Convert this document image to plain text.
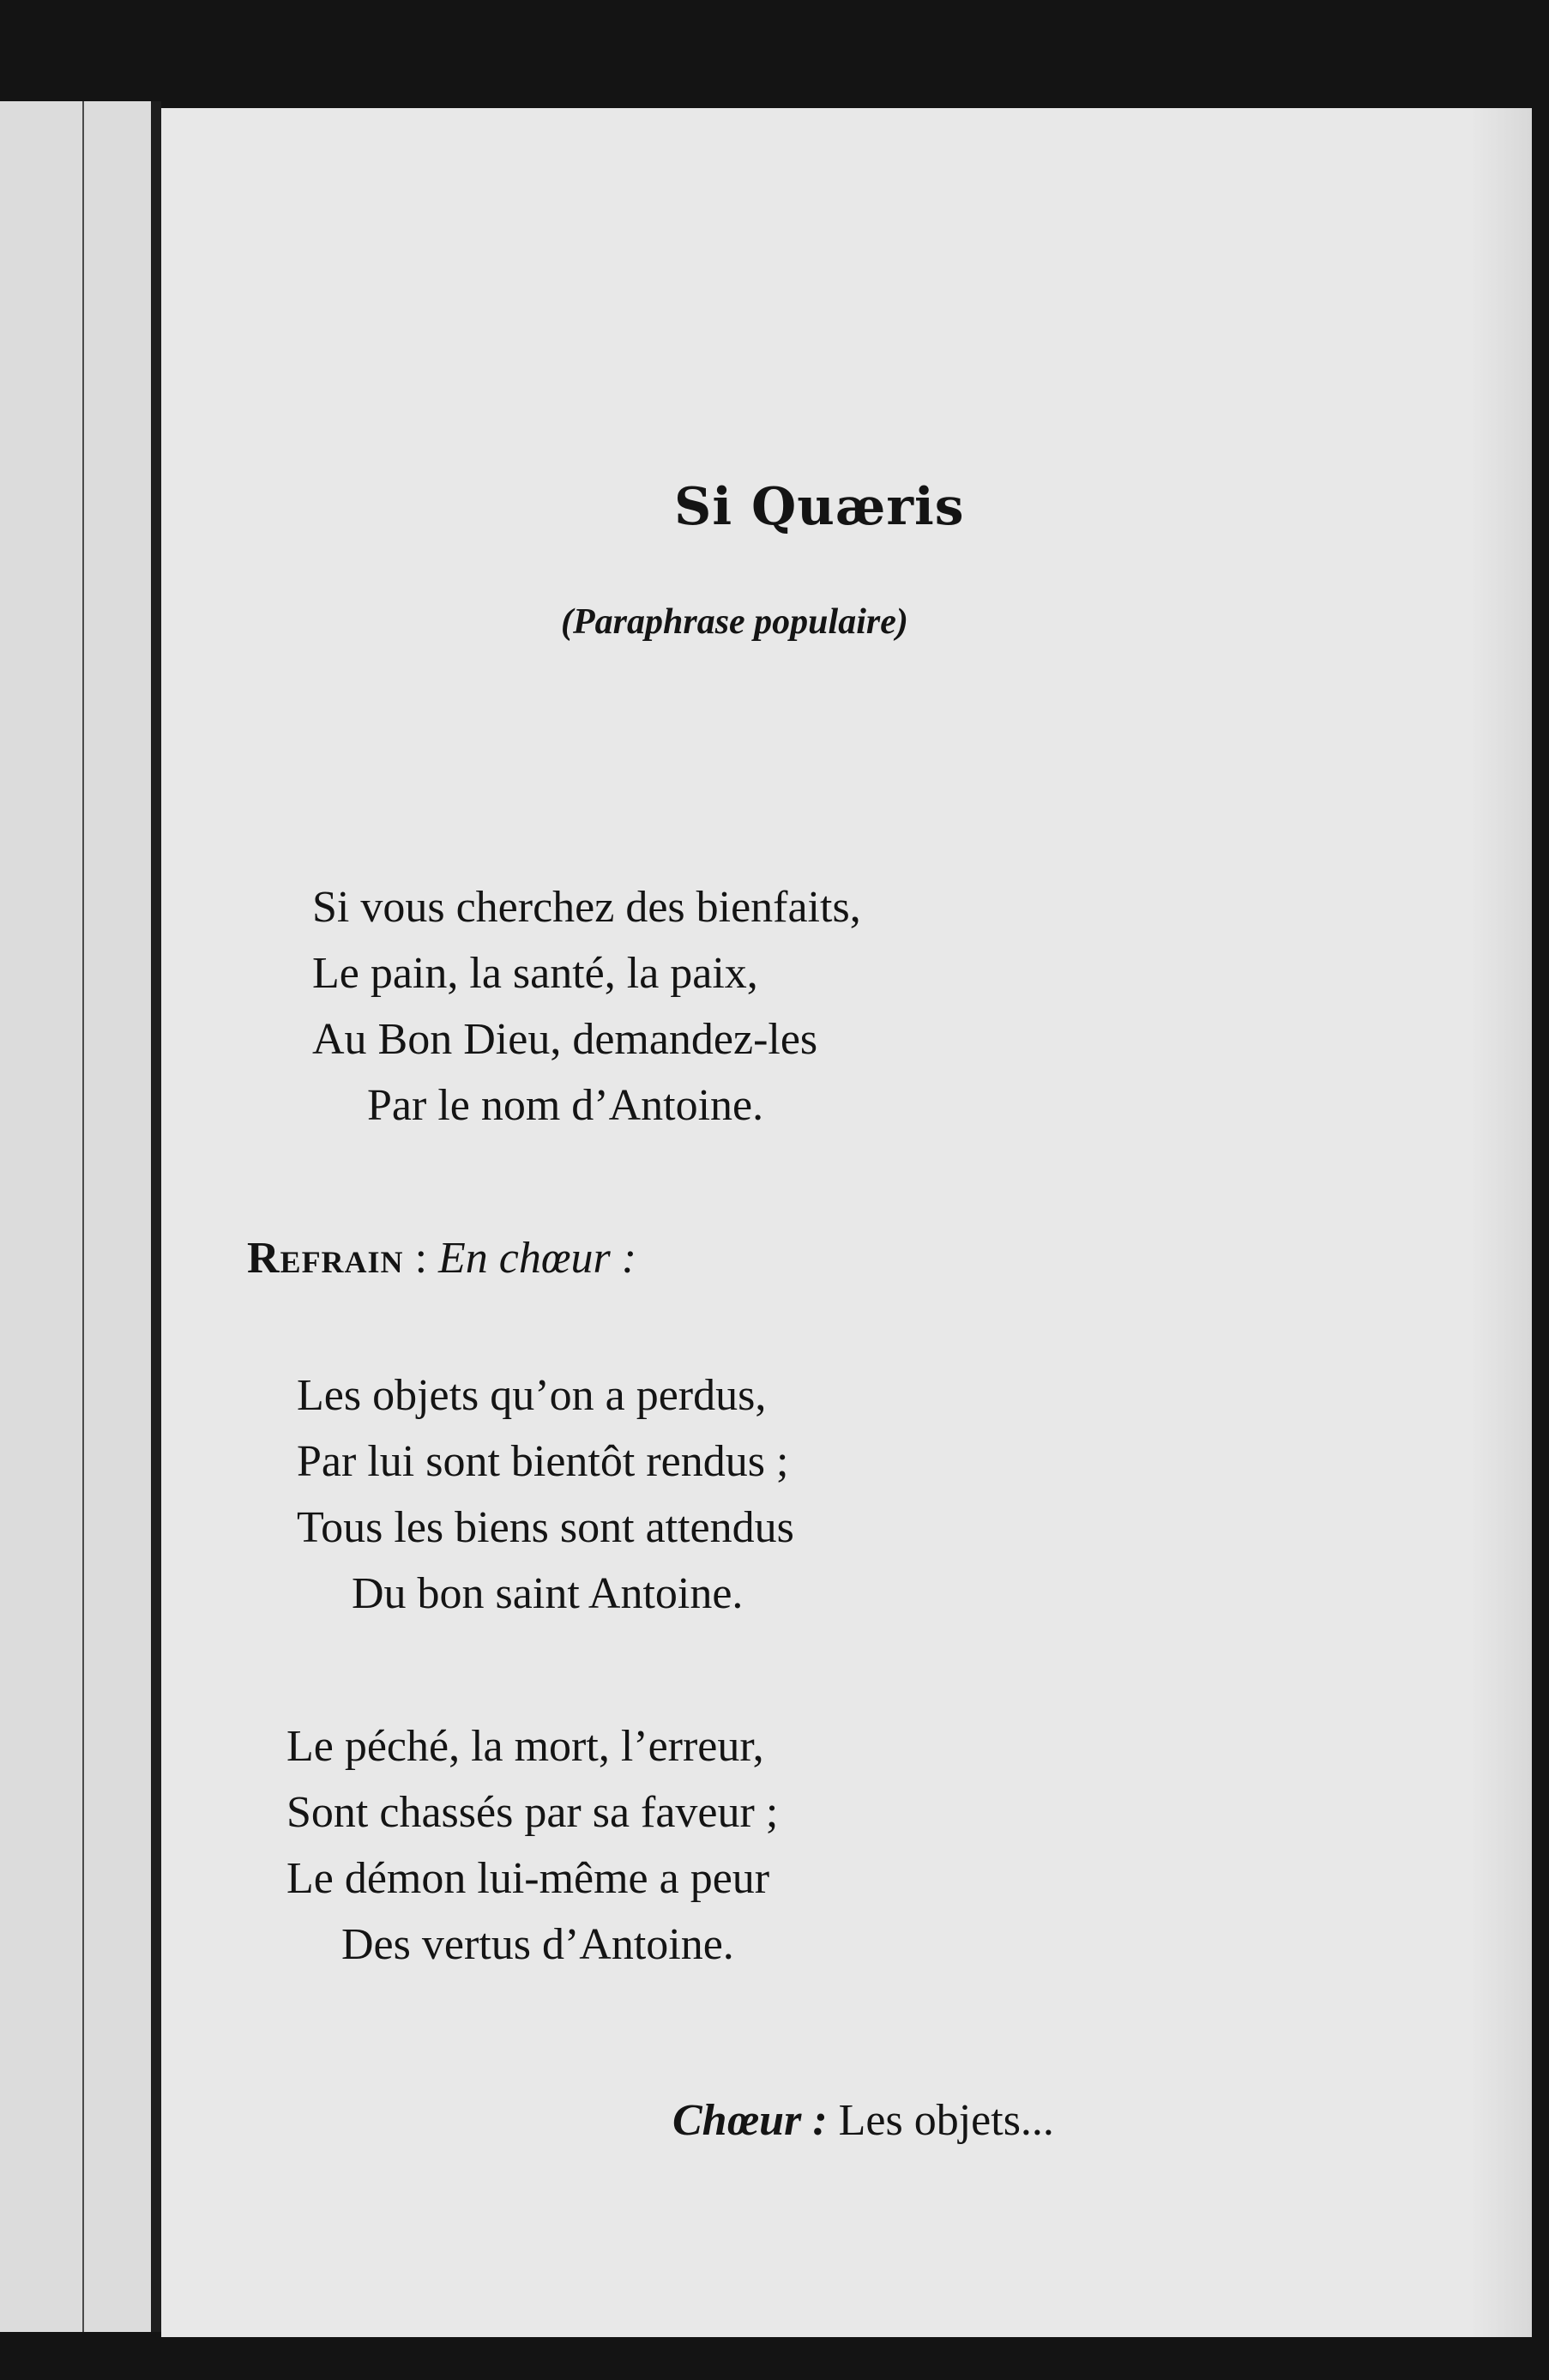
Si Quæris
(Paraphrase populaire)
Si vous cherchez des bienfaits,
Le pain, la santé, la paix,
Au Bon Dieu, demandez-les
Par le nom d’Antoine.
Refrain : En chœur :
Les objets qu’on a perdus,
Par lui sont bientôt rendus ;
Tous les biens sont attendus
Du bon saint Antoine.
Le péché, la mort, l’erreur,
Sont chassés par sa faveur ;
Le démon lui-même a peur
Des vertus d’Antoine.
Chœur : Les objets...
